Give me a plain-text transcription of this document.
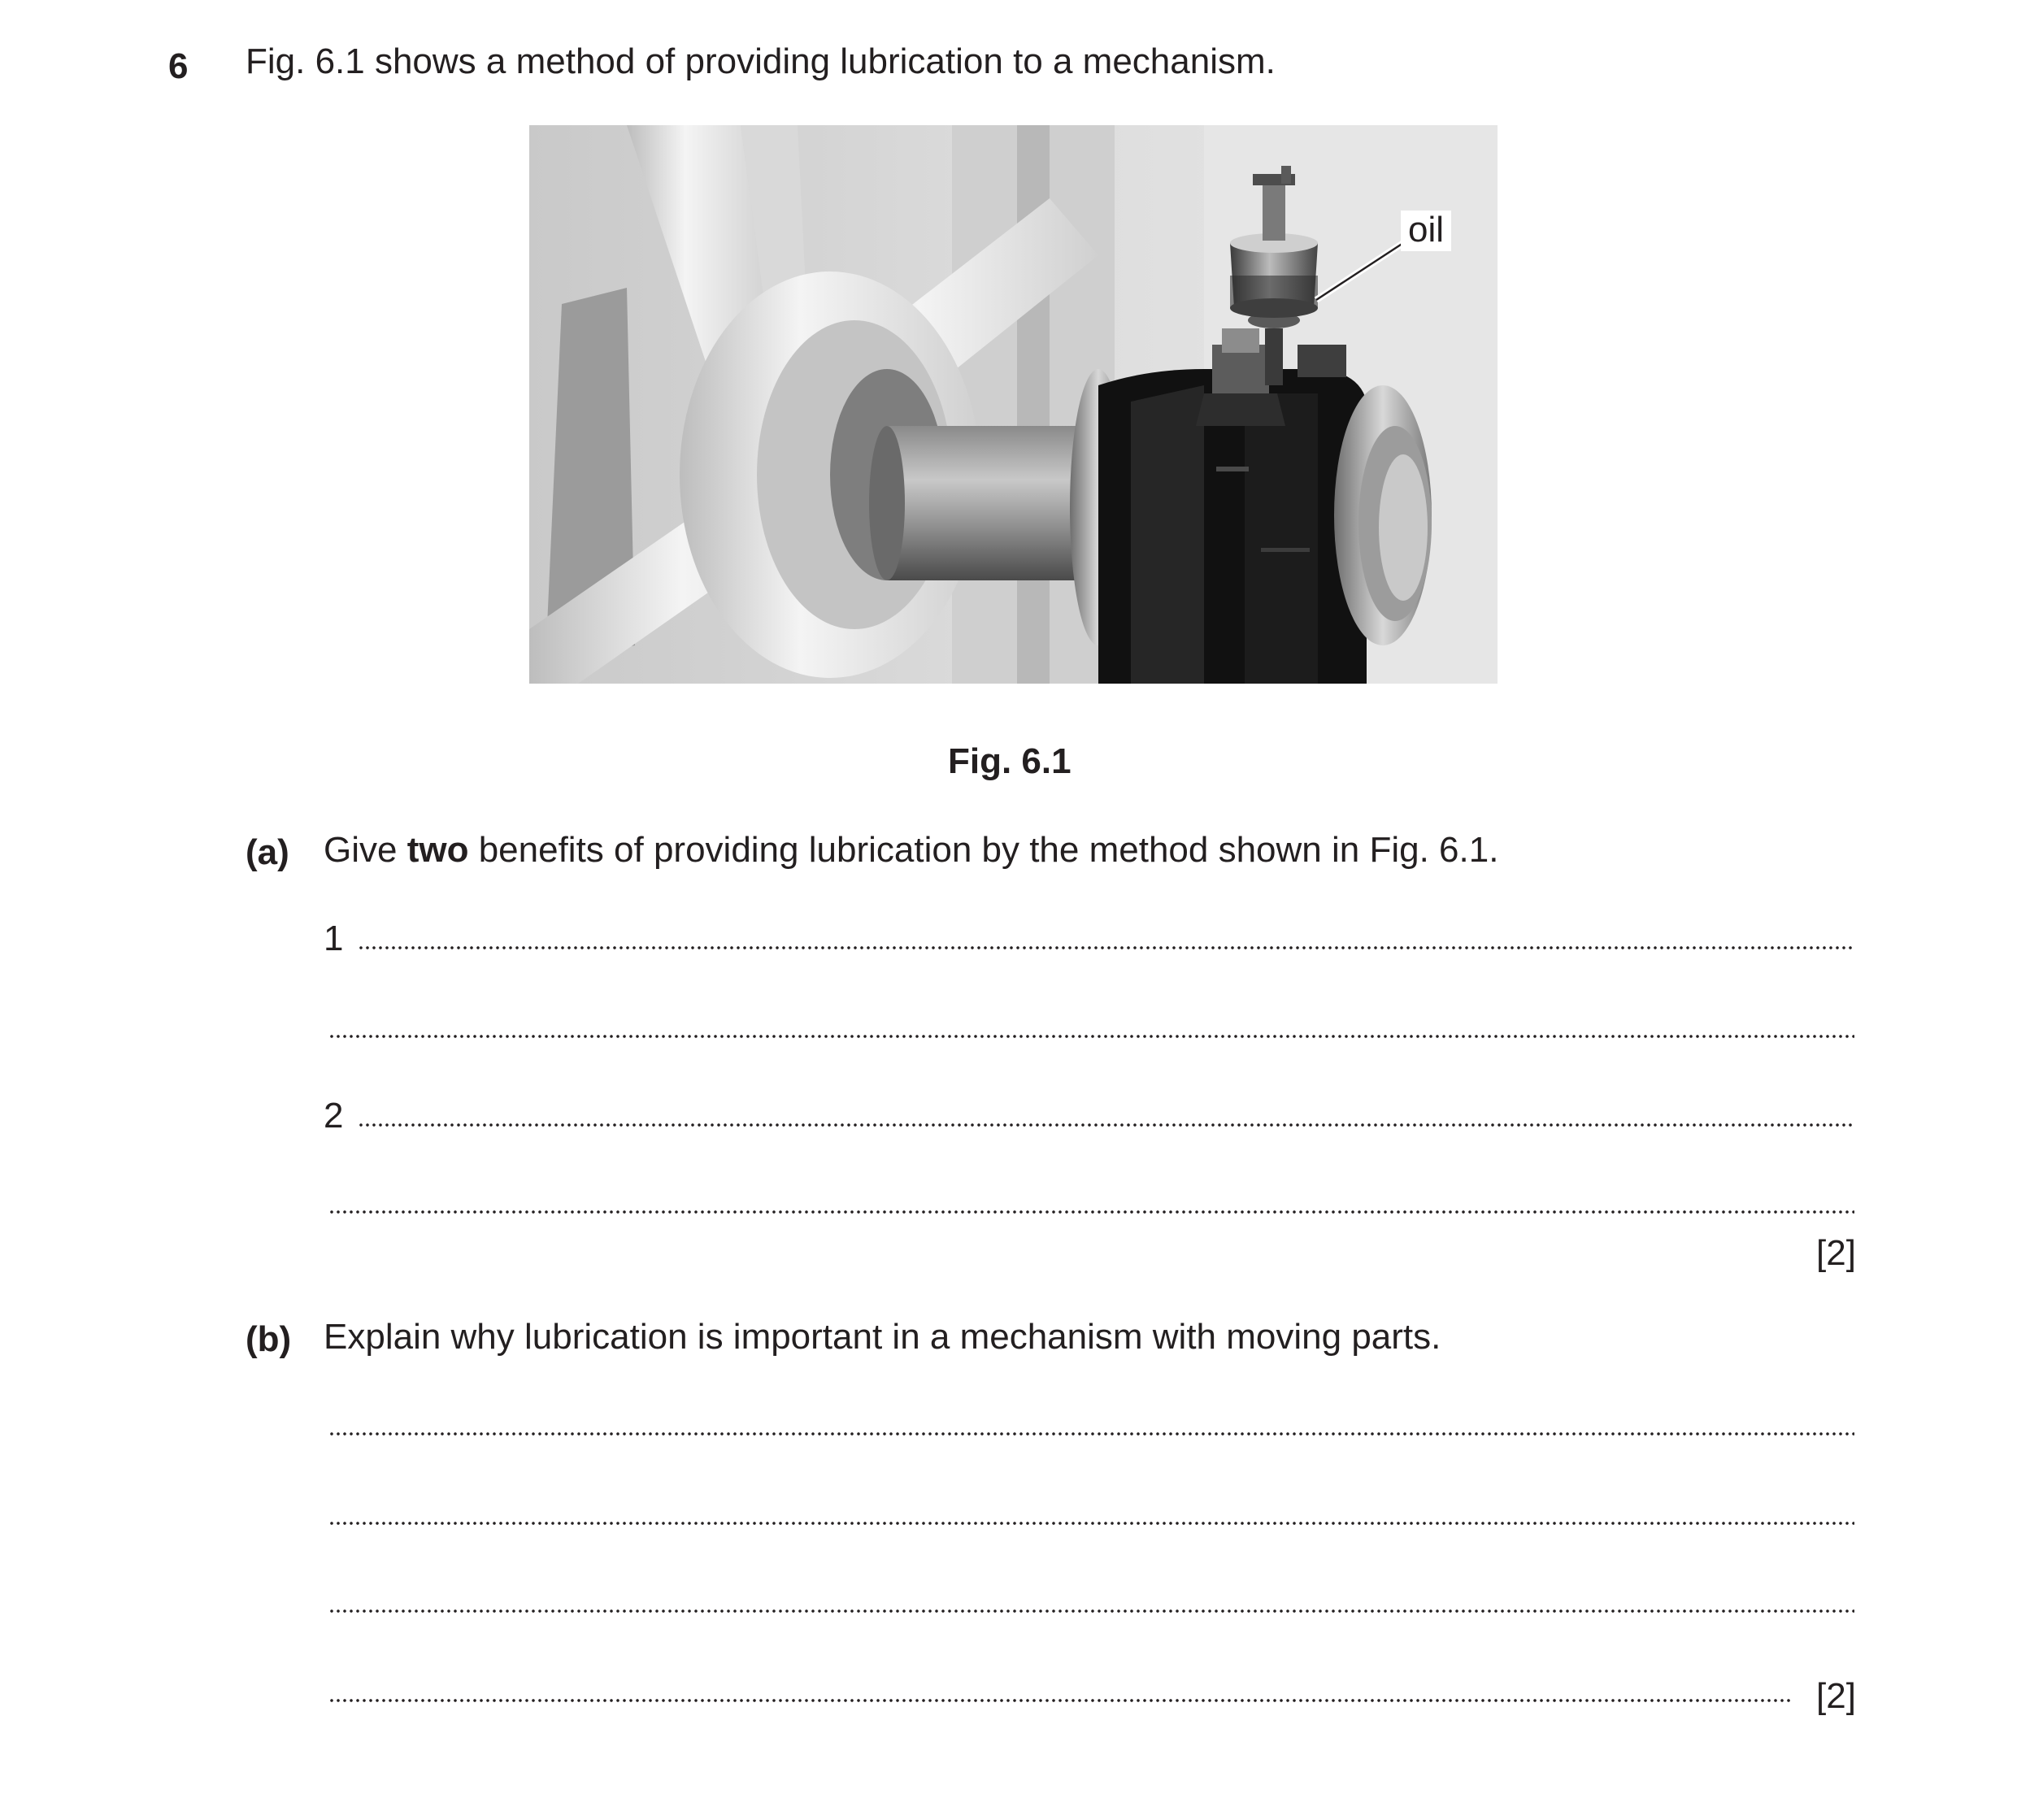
6 Fig. 6.1 shows a method of providing lubrication to a mechanism.
oil
Fig. 6.1
(a) Give two benefits of providing lubrication by the method shown in Fig. 6.1.
1
2
[2]
(b) Explain why lubrication is important in a mechanism with moving parts.
[2]
